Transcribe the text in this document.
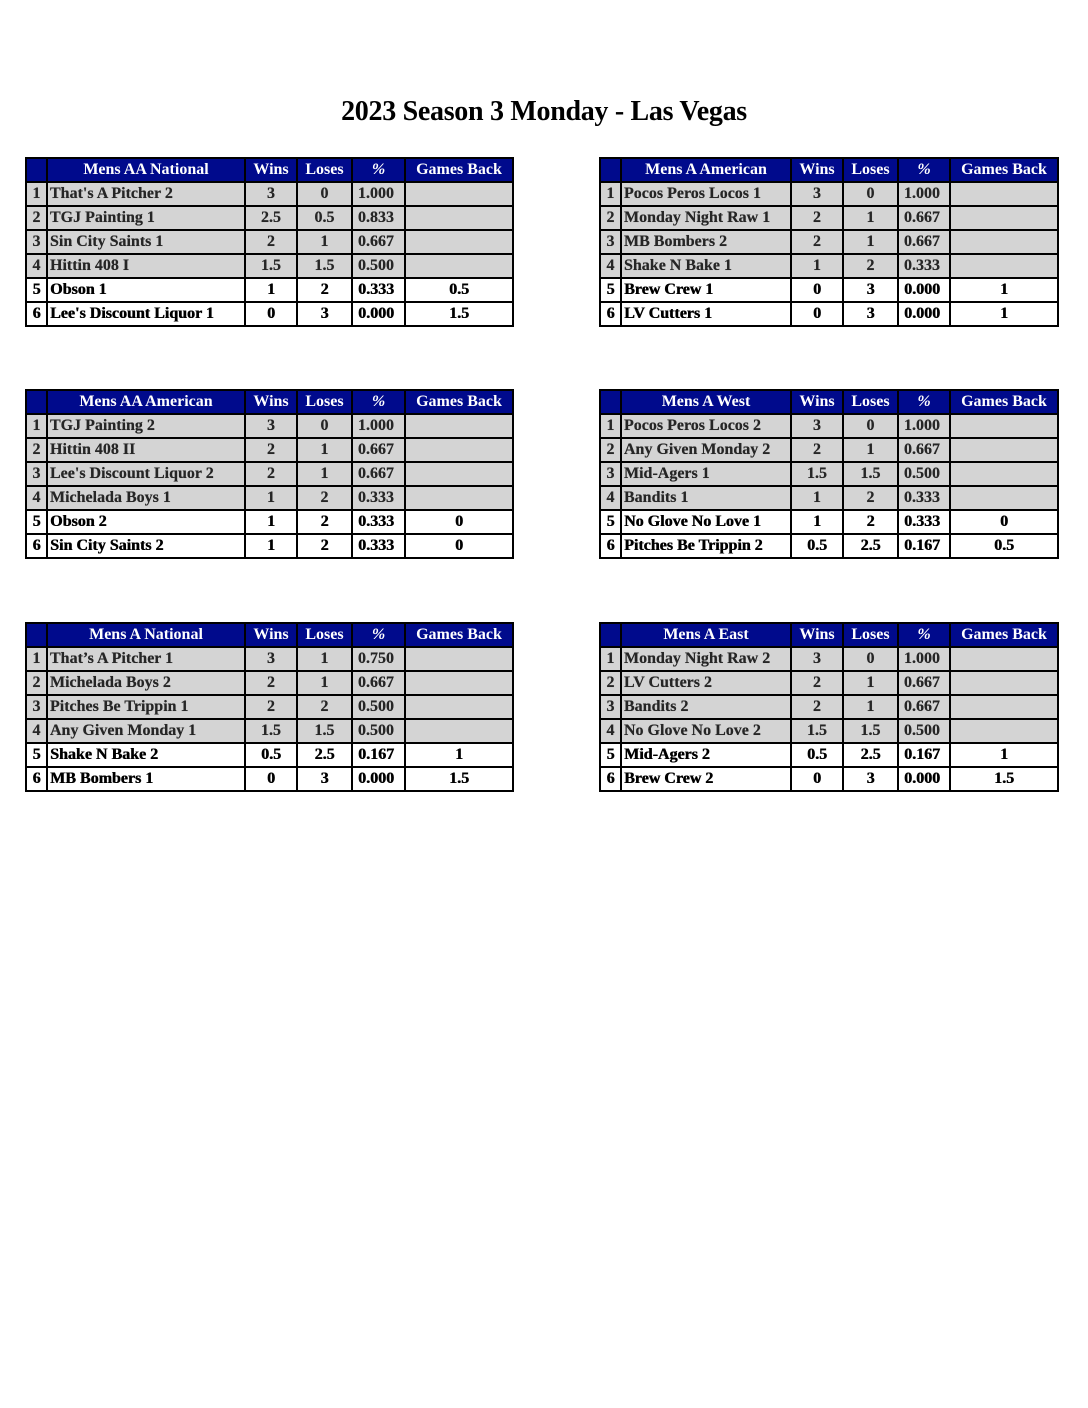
2023 Season 3 Monday - Las Vegas
	Mens AA National	Wins	Loses	%	Games Back
1	That's A Pitcher 2	3	0	1.000	
2	TGJ Painting 1	2.5	0.5	0.833	
3	Sin City Saints 1	2	1	0.667	
4	Hittin 408 I	1.5	1.5	0.500	
5	Obson 1	1	2	0.333	0.5
6	Lee's Discount Liquor 1	0	3	0.000	1.5
	Mens A American	Wins	Loses	%	Games Back
1	Pocos Peros Locos 1	3	0	1.000	
2	Monday Night Raw 1	2	1	0.667	
3	MB Bombers 2	2	1	0.667	
4	Shake N Bake 1	1	2	0.333	
5	Brew Crew 1	0	3	0.000	1
6	LV Cutters 1	0	3	0.000	1
	Mens AA American	Wins	Loses	%	Games Back
1	TGJ Painting 2	3	0	1.000	
2	Hittin 408 II	2	1	0.667	
3	Lee's Discount Liquor 2	2	1	0.667	
4	Michelada Boys 1	1	2	0.333	
5	Obson 2	1	2	0.333	0
6	Sin City Saints 2	1	2	0.333	0
	Mens A West	Wins	Loses	%	Games Back
1	Pocos Peros Locos 2	3	0	1.000	
2	Any Given Monday 2	2	1	0.667	
3	Mid-Agers 1	1.5	1.5	0.500	
4	Bandits 1	1	2	0.333	
5	No Glove No Love 1	1	2	0.333	0
6	Pitches Be Trippin 2	0.5	2.5	0.167	0.5
	Mens A National	Wins	Loses	%	Games Back
1	That’s A Pitcher 1	3	1	0.750	
2	Michelada Boys 2	2	1	0.667	
3	Pitches Be Trippin 1	2	2	0.500	
4	Any Given Monday 1	1.5	1.5	0.500	
5	Shake N Bake 2	0.5	2.5	0.167	1
6	MB Bombers 1	0	3	0.000	1.5
	Mens A East	Wins	Loses	%	Games Back
1	Monday Night Raw 2	3	0	1.000	
2	LV Cutters 2	2	1	0.667	
3	Bandits 2	2	1	0.667	
4	No Glove No Love 2	1.5	1.5	0.500	
5	Mid-Agers 2	0.5	2.5	0.167	1
6	Brew Crew 2	0	3	0.000	1.5
